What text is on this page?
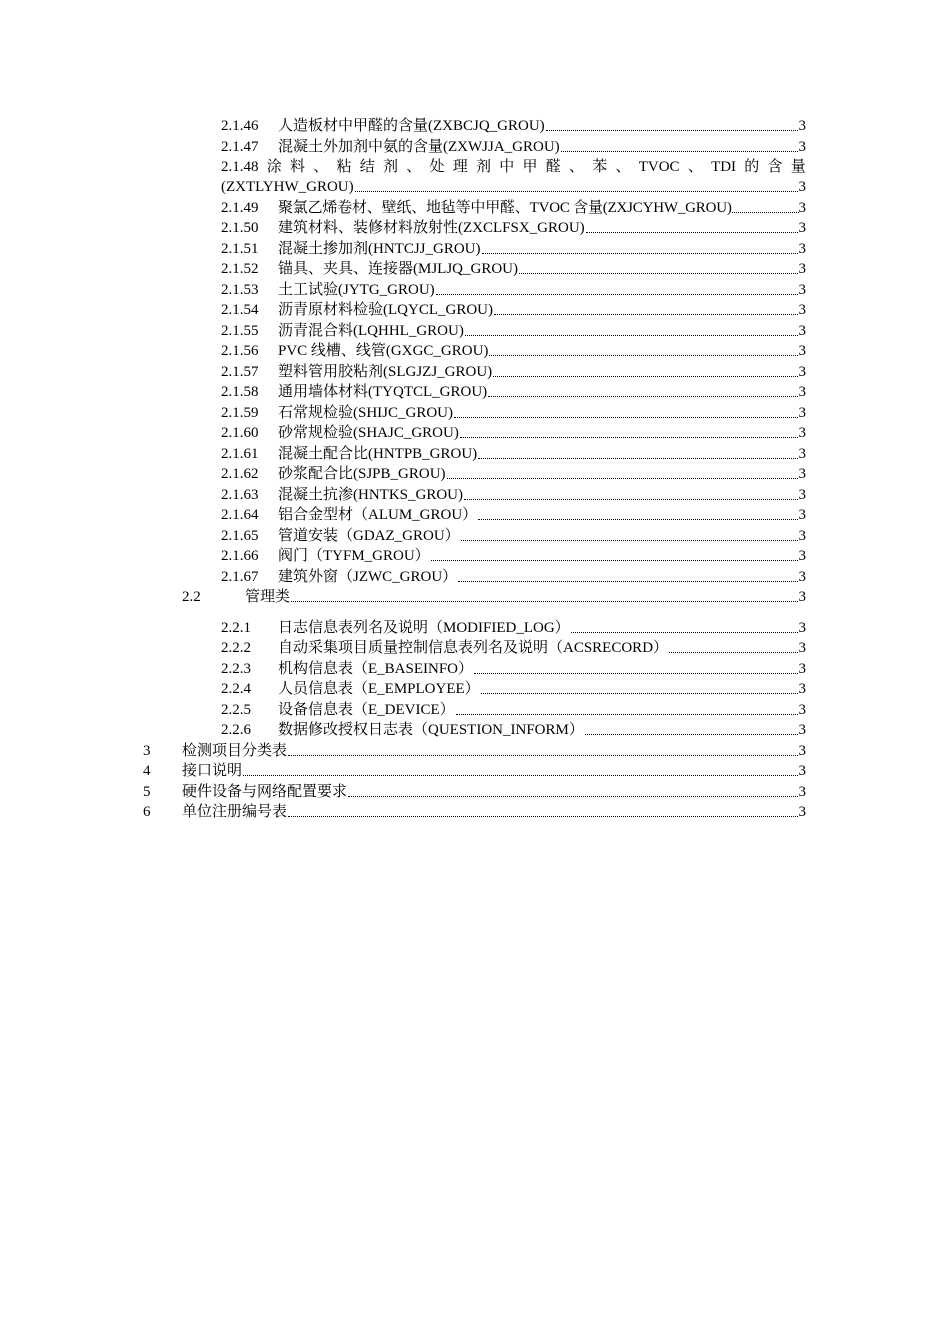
2.1.46	人造板材中甲醛的含量(ZXBCJQ_GROU)	3
2.1.47	混凝土外加剂中氨的含量(ZXWJJA_GROU)	3
2.1.48 涂 料 、 粘 结 剂 、 处 理 剂 中 甲 醛 、 苯 、 TVOC 、 TDI 的 含 量
(ZXTLYHW_GROU)	3
2.1.49	聚氯乙烯卷材、壁纸、地毡等中甲醛、TVOC 含量(ZXJCYHW_GROU)	3
2.1.50	建筑材料、装修材料放射性(ZXCLFSX_GROU)	3
2.1.51	混凝土掺加剂(HNTCJJ_GROU)	3
2.1.52	锚具、夹具、连接器(MJLJQ_GROU)	3
2.1.53	土工试验(JYTG_GROU)	3
2.1.54	沥青原材料检验(LQYCL_GROU)	3
2.1.55	沥青混合料(LQHHL_GROU)	3
2.1.56	PVC 线槽、线管(GXGC_GROU)	3
2.1.57	塑料管用胶粘剂(SLGJZJ_GROU)	3
2.1.58	通用墙体材料(TYQTCL_GROU)	3
2.1.59	石常规检验(SHIJC_GROU)	3
2.1.60	砂常规检验(SHAJC_GROU)	3
2.1.61	混凝土配合比(HNTPB_GROU)	3
2.1.62	砂浆配合比(SJPB_GROU)	3
2.1.63	混凝土抗渗(HNTKS_GROU)	3
2.1.64	铝合金型材（ALUM_GROU）	3
2.1.65	管道安装（GDAZ_GROU）	3
2.1.66	阀门（TYFM_GROU）	3
2.1.67	建筑外窗（JZWC_GROU）	3
2.2	管理类	3
2.2.1	日志信息表列名及说明（MODIFIED_LOG）	3
2.2.2	自动采集项目质量控制信息表列名及说明（ACSRECORD）	3
2.2.3	机构信息表（E_BASEINFO）	3
2.2.4	人员信息表（E_EMPLOYEE）	3
2.2.5	设备信息表（E_DEVICE）	3
2.2.6	数据修改授权日志表（QUESTION_INFORM）	3
3	检测项目分类表	3
4	接口说明	3
5	硬件设备与网络配置要求	3
6	单位注册编号表	3
